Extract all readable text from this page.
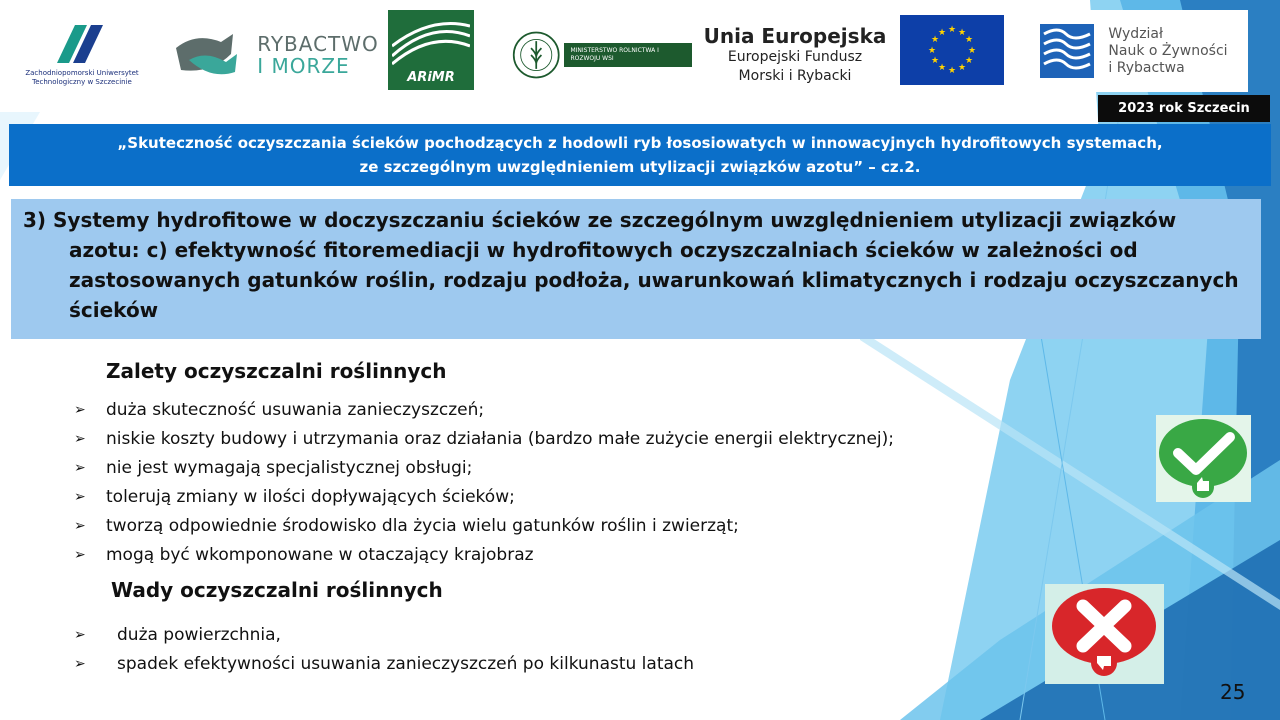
Zachodniopomorski Uniwersytet Technologiczny w Szczecinie
RYBACTWO
I MORZE	ARiMR
MINISTERSTWO ROLNICTWA I ROZWOJU WSI
Unia Europejska
Europejski Fundusz
Morski i Rybacki
★ ★
★
★
★
★
★
★
★
★
★
★	Wydział
Nauk o Żywności
i Rybactwa
2023 rok Szczecin
„Skuteczność oczyszczania ścieków pochodzących z hodowli ryb łososiowatych w innowacyjnych hydrofitowych systemach,
ze szczególnym uwzględnieniem utylizacji związków azotu” – cz.2.

3) Systemy hydrofitowe w doczyszczaniu ścieków ze szczególnym uwzględnieniem utylizacji związków azotu: c) efektywność fitoremediacji w hydrofitowych oczyszczalniach ścieków w zależności od zastosowanych gatunków roślin, rodzaju podłoża, uwarunkowań klimatycznych i rodzaju oczyszczanych ścieków

Zalety oczyszczalni roślinnych
➢ duża skuteczność usuwania zanieczyszczeń;
➢ niskie koszty budowy i utrzymania oraz działania (bardzo małe zużycie energii elektrycznej);
➢ nie jest wymagają specjalistycznej obsługi;
➢ tolerują zmiany w ilości dopływających ścieków;
➢ tworzą odpowiednie środowisko dla życia wielu gatunków roślin i zwierząt;
➢ mogą być wkomponowane w otaczający krajobraz
Wady oczyszczalni roślinnych
➢ duża powierzchnia,
➢ spadek efektywności usuwania zanieczyszczeń po kilkunastu latach
25
